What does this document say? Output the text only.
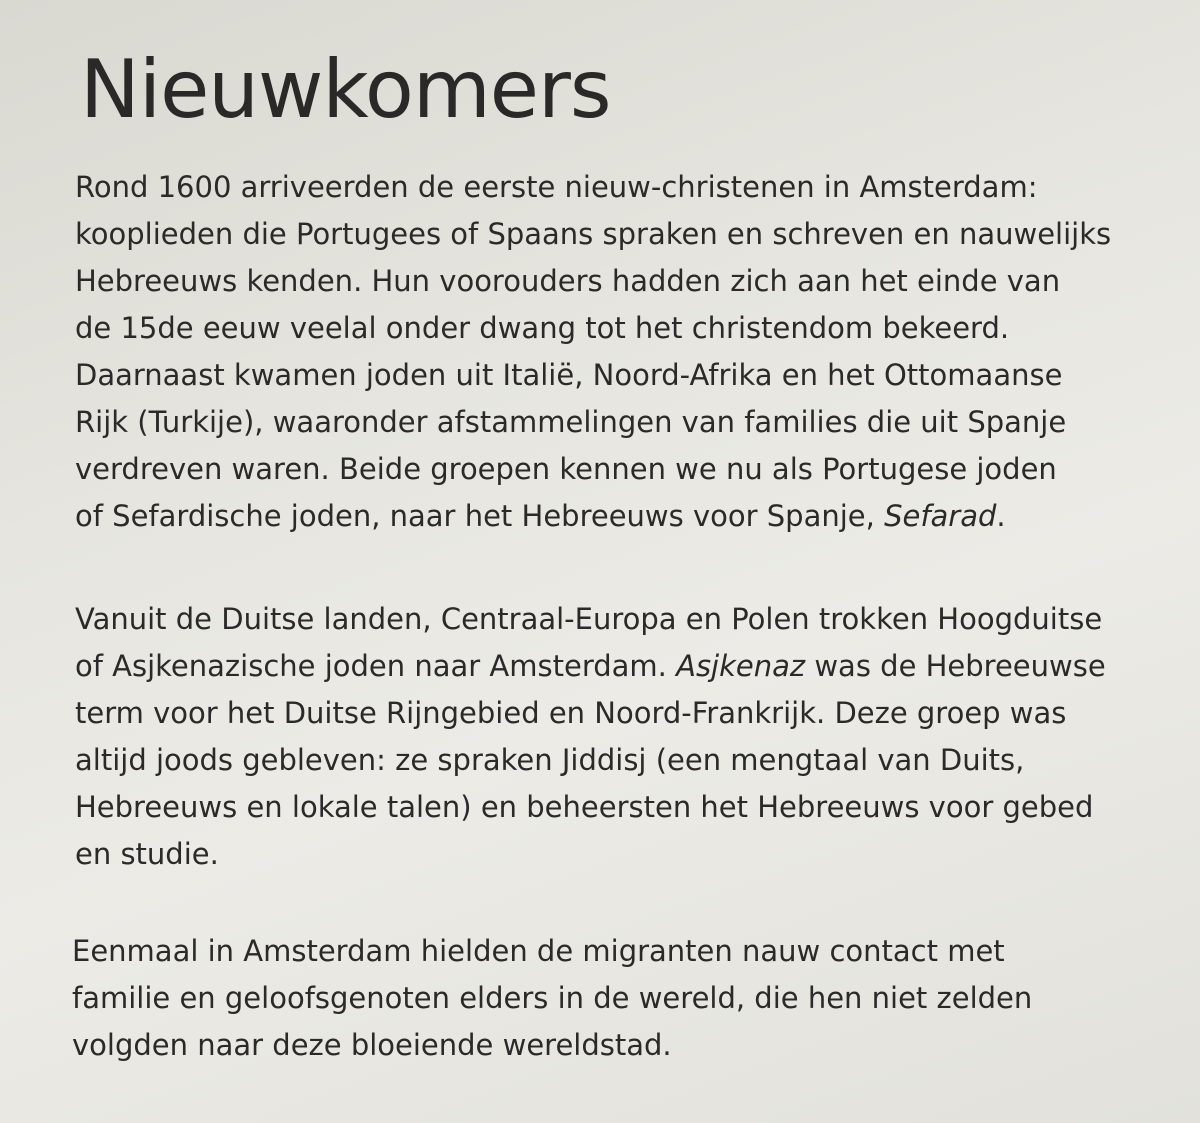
Nieuwkomers

Rond 1600 arriveerden de eerste nieuw-christenen in Amsterdam:
kooplieden die Portugees of Spaans spraken en schreven en nauwelijks
Hebreeuws kenden. Hun voorouders hadden zich aan het einde van
de 15de eeuw veelal onder dwang tot het christendom bekeerd.
Daarnaast kwamen joden uit Italië, Noord-Afrika en het Ottomaanse
Rijk (Turkije), waaronder afstammelingen van families die uit Spanje
verdreven waren. Beide groepen kennen we nu als Portugese joden
of Sefardische joden, naar het Hebreeuws voor Spanje, Sefarad.

Vanuit de Duitse landen, Centraal-Europa en Polen trokken Hoogduitse
of Asjkenazische joden naar Amsterdam. Asjkenaz was de Hebreeuwse
term voor het Duitse Rijngebied en Noord-Frankrijk. Deze groep was
altijd joods gebleven: ze spraken Jiddisj (een mengtaal van Duits,
Hebreeuws en lokale talen) en beheersten het Hebreeuws voor gebed
en studie.

Eenmaal in Amsterdam hielden de migranten nauw contact met
familie en geloofsgenoten elders in de wereld, die hen niet zelden
volgden naar deze bloeiende wereldstad.
